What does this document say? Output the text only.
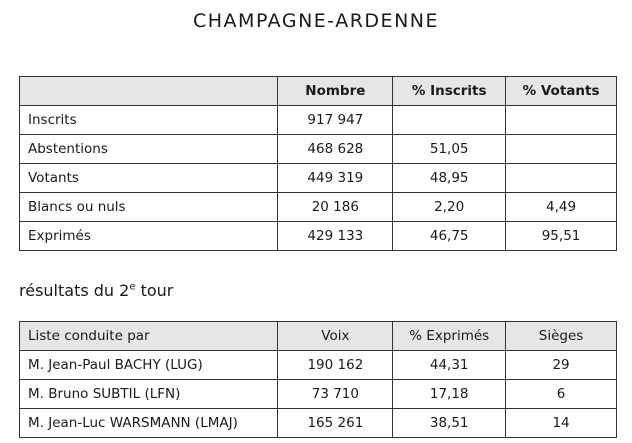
CHAMPAGNE-ARDENNE
	Nombre	% Inscrits	% Votants
Inscrits	917 947		
Abstentions	468 628	51,05	
Votants	449 319	48,95	
Blancs ou nuls	20 186	2,20	4,49
Exprimés	429 133	46,75	95,51
résultats du 2e tour
Liste conduite par	Voix	% Exprimés	Sièges
M. Jean-Paul BACHY (LUG)	190 162	44,31	29
M. Bruno SUBTIL (LFN)	73 710	17,18	6
M. Jean-Luc WARSMANN (LMAJ)	165 261	38,51	14
